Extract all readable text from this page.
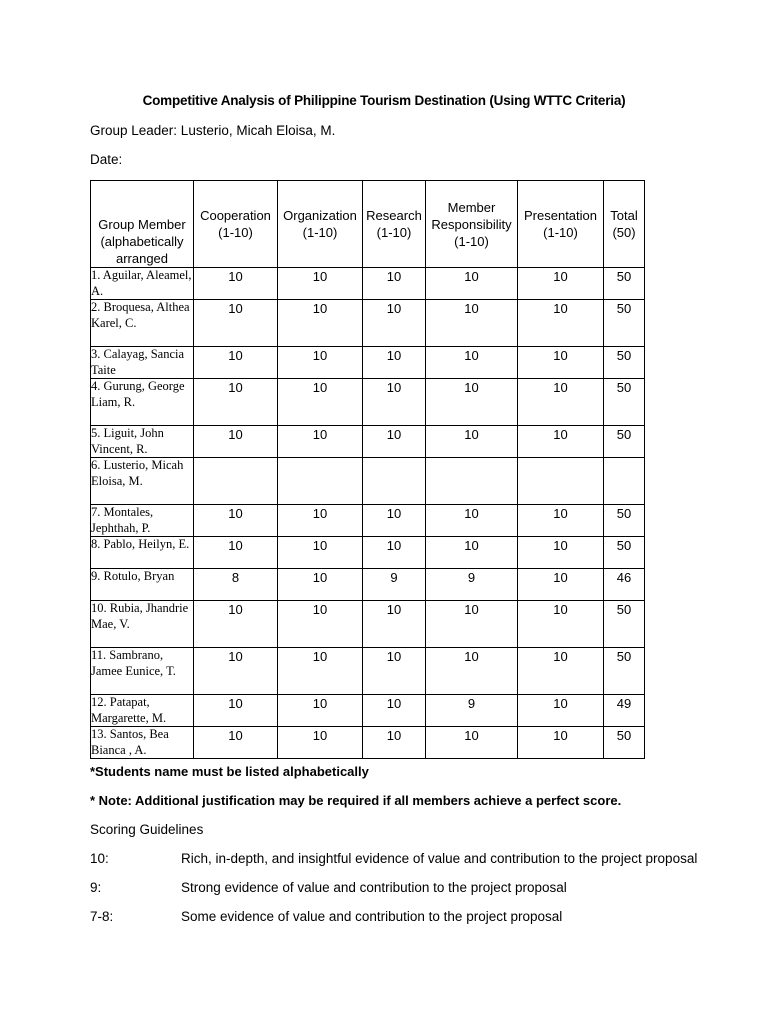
Competitive Analysis of Philippine Tourism Destination (Using WTTC Criteria)
Group Leader: Lusterio, Micah Eloisa, M.
Date:
Group Member (alphabetically arranged	Cooperation (1-10)	Organization (1-10)	Research (1-10)	Member Responsibility (1-10)	Presentation (1-10)	Total (50)
1. Aguilar, Aleamel, A.	10	10	10	10	10	50
2. Broquesa, Althea Karel, C.	10	10	10	10	10	50
3. Calayag, Sancia Taite	10	10	10	10	10	50
4. Gurung, George Liam, R.	10	10	10	10	10	50
5. Liguit, John Vincent, R.	10	10	10	10	10	50
6. Lusterio, Micah Eloisa, M.						
7. Montales, Jephthah, P.	10	10	10	10	10	50
8. Pablo, Heilyn, E.	10	10	10	10	10	50
9. Rotulo, Bryan	8	10	9	9	10	46
10. Rubia, Jhandrie Mae, V.	10	10	10	10	10	50
11. Sambrano, Jamee Eunice, T.	10	10	10	10	10	50
12. Patapat, Margarette, M.	10	10	10	9	10	49
13. Santos, Bea Bianca , A.	10	10	10	10	10	50
*Students name must be listed alphabetically
* Note: Additional justification may be required if all members achieve a perfect score.
Scoring Guidelines
10:	Rich, in-depth, and insightful evidence of value and contribution to the project proposal
9:	Strong evidence of value and contribution to the project proposal
7-8:	Some evidence of value and contribution to the project proposal
